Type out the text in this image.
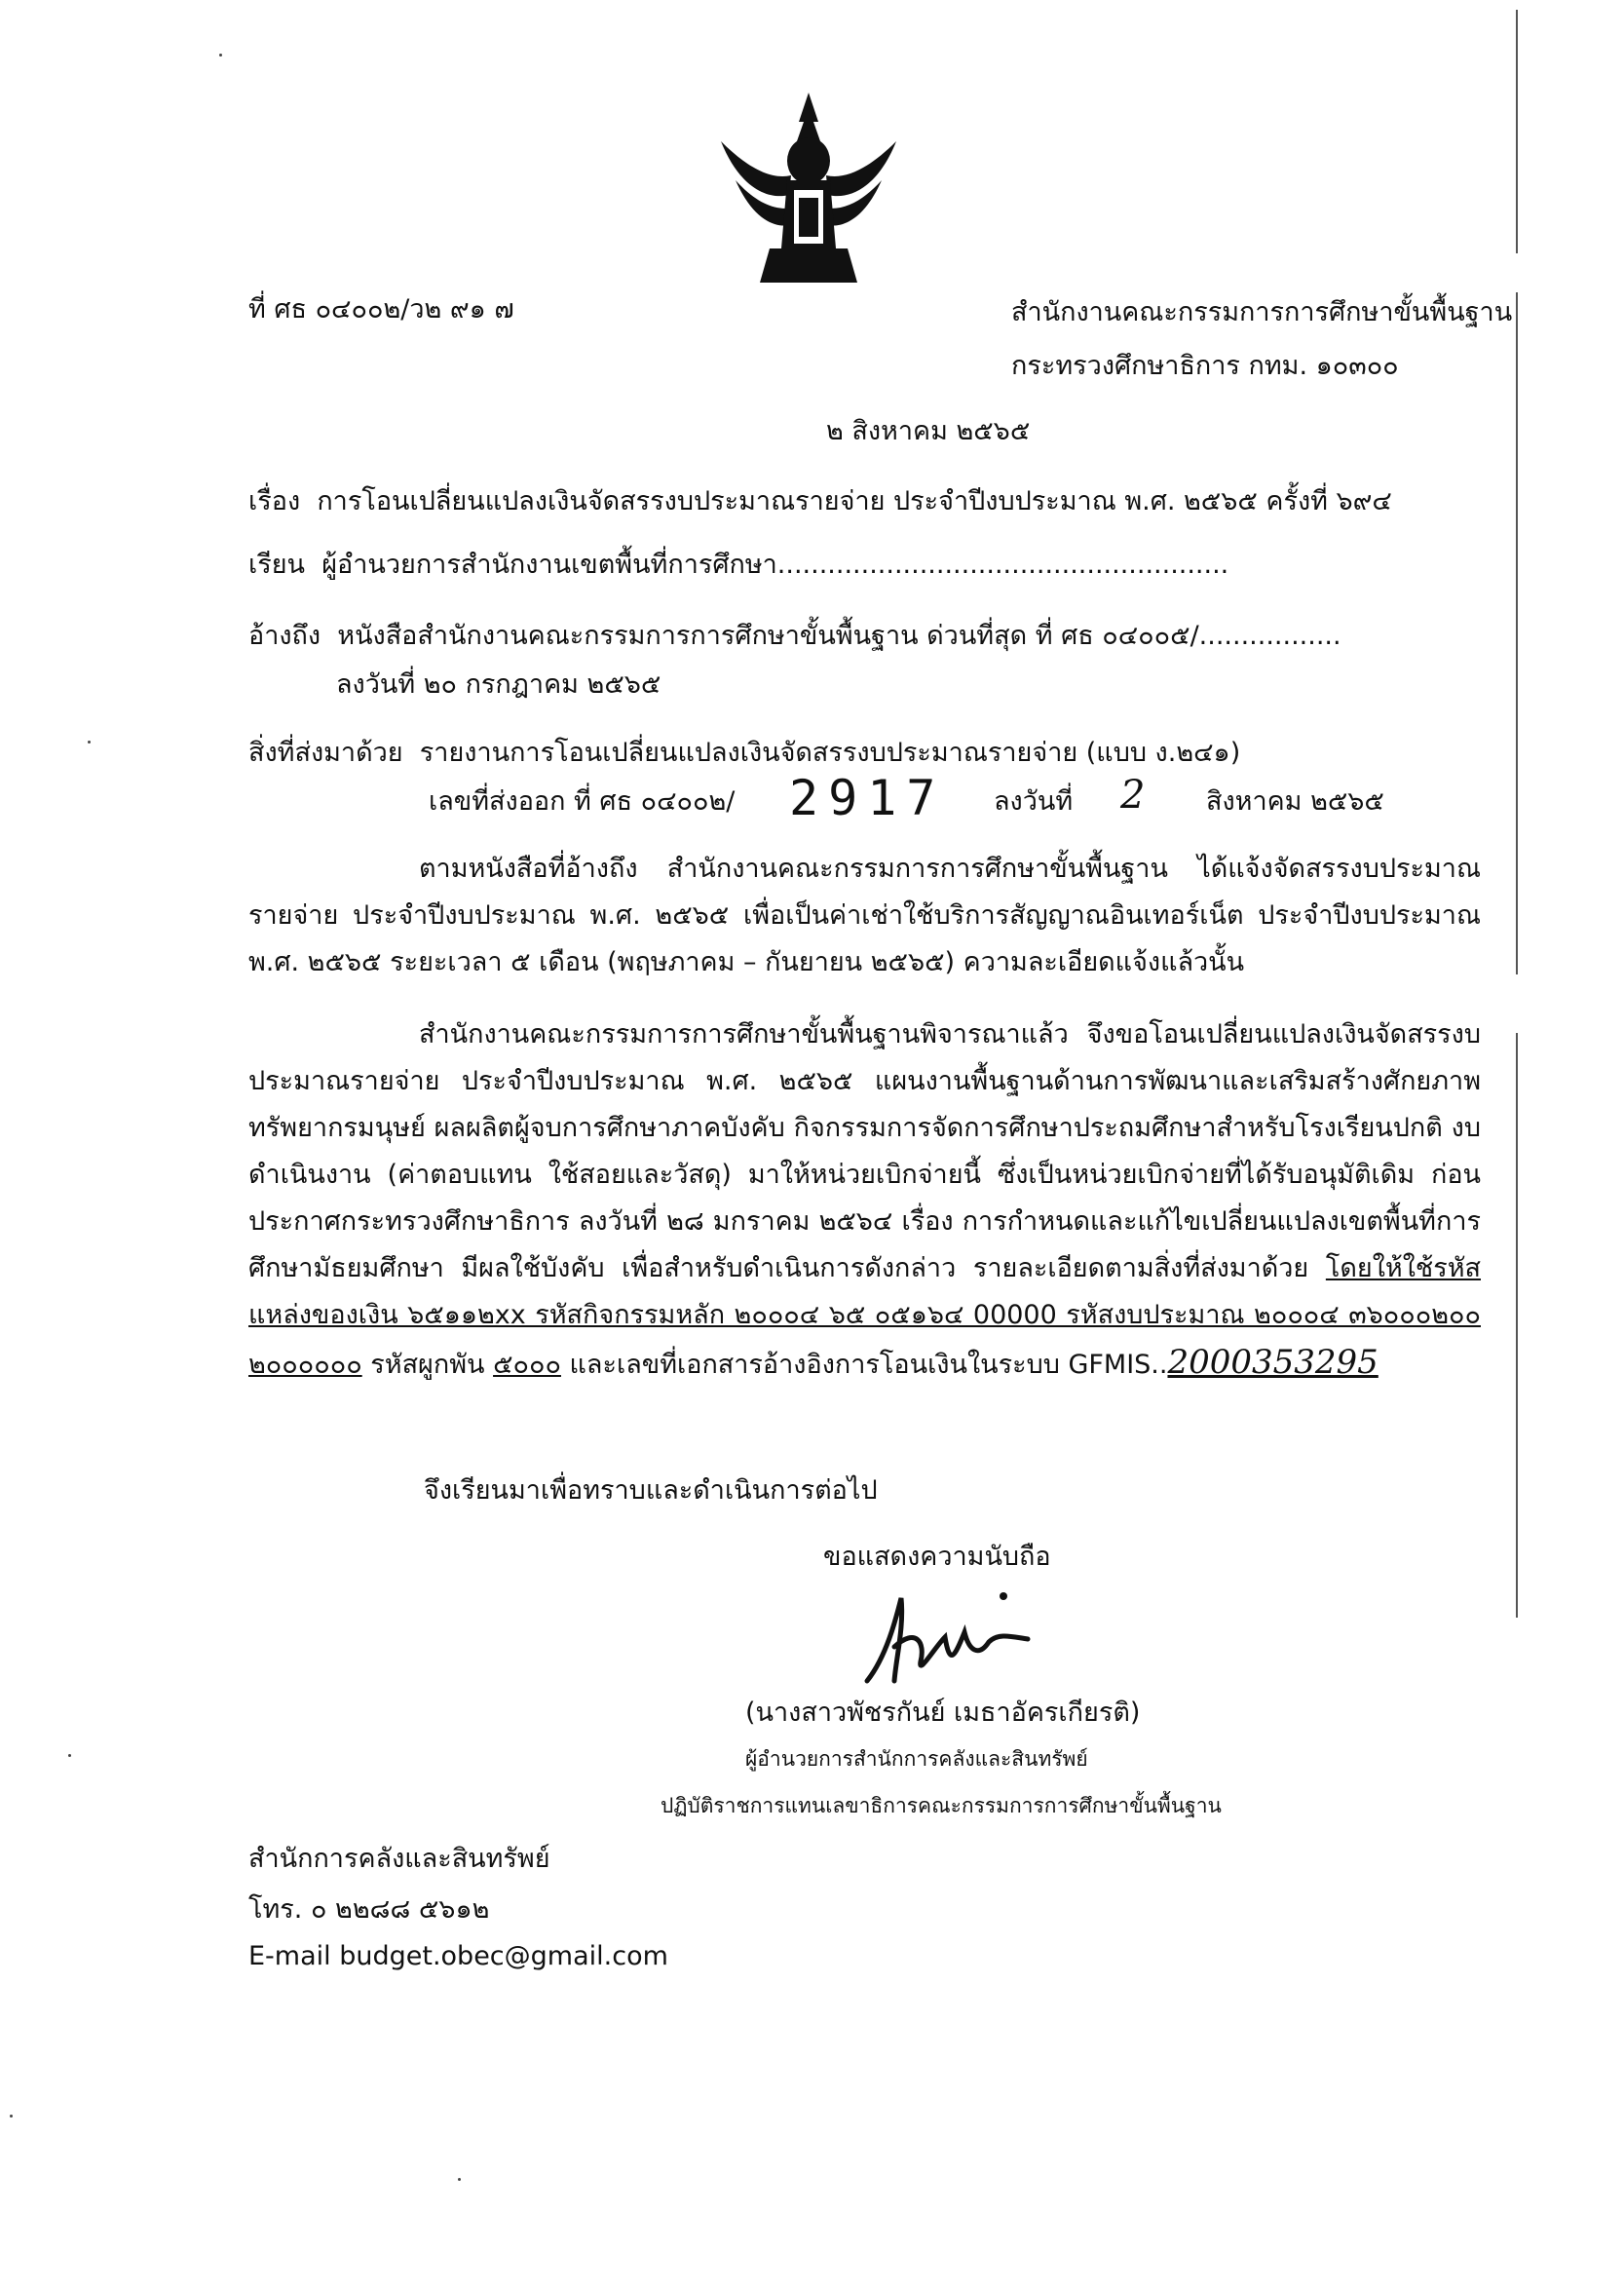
ที่ ศธ ๐๔๐๐๒/ว๒ ๙๑ ๗	สำนักงานคณะกรรมการการศึกษาขั้นพื้นฐาน
กระทรวงศึกษาธิการ กทม. ๑๐๓๐๐
๒ สิงหาคม ๒๕๖๕
เรื่อง การโอนเปลี่ยนแปลงเงินจัดสรรงบประมาณรายจ่าย ประจำปีงบประมาณ พ.ศ. ๒๕๖๕ ครั้งที่ ๖๙๔
เรียน ผู้อำนวยการสำนักงานเขตพื้นที่การศึกษา......................................................
อ้างถึง หนังสือสำนักงานคณะกรรมการการศึกษาขั้นพื้นฐาน ด่วนที่สุด ที่ ศธ ๐๔๐๐๕/.................
ลงวันที่ ๒๐ กรกฎาคม ๒๕๖๕
สิ่งที่ส่งมาด้วย รายงานการโอนเปลี่ยนแปลงเงินจัดสรรงบประมาณรายจ่าย (แบบ ง.๒๔๑)
เลขที่ส่งออก ที่ ศธ ๐๔๐๐๒/ 2917 ลงวันที่ 2 สิงหาคม ๒๕๖๕
ตามหนังสือที่อ้างถึง สำนักงานคณะกรรมการการศึกษาขั้นพื้นฐาน ได้แจ้งจัดสรรงบประมาณรายจ่าย ประจำปีงบประมาณ พ.ศ. ๒๕๖๕ เพื่อเป็นค่าเช่าใช้บริการสัญญาณอินเทอร์เน็ต ประจำปีงบประมาณ พ.ศ. ๒๕๖๕ ระยะเวลา ๕ เดือน (พฤษภาคม – กันยายน ๒๕๖๕) ความละเอียดแจ้งแล้วนั้น
สำนักงานคณะกรรมการการศึกษาขั้นพื้นฐานพิจารณาแล้ว จึงขอโอนเปลี่ยนแปลงเงินจัดสรรงบประมาณรายจ่าย ประจำปีงบประมาณ พ.ศ. ๒๕๖๕ แผนงานพื้นฐานด้านการพัฒนาและเสริมสร้างศักยภาพทรัพยากรมนุษย์ ผลผลิตผู้จบการศึกษาภาคบังคับ กิจกรรมการจัดการศึกษาประถมศึกษาสำหรับโรงเรียนปกติ งบดำเนินงาน (ค่าตอบแทน ใช้สอยและวัสดุ) มาให้หน่วยเบิกจ่ายนี้ ซึ่งเป็นหน่วยเบิกจ่ายที่ได้รับอนุมัติเดิม ก่อนประกาศกระทรวงศึกษาธิการ ลงวันที่ ๒๘ มกราคม ๒๕๖๔ เรื่อง การกำหนดและแก้ไขเปลี่ยนแปลงเขตพื้นที่การศึกษามัธยมศึกษา มีผลใช้บังคับ เพื่อสำหรับดำเนินการดังกล่าว รายละเอียดตามสิ่งที่ส่งมาด้วย โดยให้ใช้รหัสแหล่งของเงิน ๖๕๑๑๒xx รหัสกิจกรรมหลัก ๒๐๐๐๔ ๖๕ ๐๕๑๖๔ 00000 รหัสงบประมาณ ๒๐๐๐๔ ๓๖๐๐๐๒๐๐ ๒๐๐๐๐๐๐ รหัสผูกพัน ๕๐๐๐ และเลขที่เอกสารอ้างอิงการโอนเงินในระบบ GFMIS..2000353295
จึงเรียนมาเพื่อทราบและดำเนินการต่อไป
ขอแสดงความนับถือ
(นางสาวพัชรกันย์ เมธาอัครเกียรติ)
ผู้อำนวยการสำนักการคลังและสินทรัพย์
ปฏิบัติราชการแทนเลขาธิการคณะกรรมการการศึกษาขั้นพื้นฐาน
สำนักการคลังและสินทรัพย์
โทร. ๐ ๒๒๘๘ ๕๖๑๒
E-mail budget.obec@gmail.com
